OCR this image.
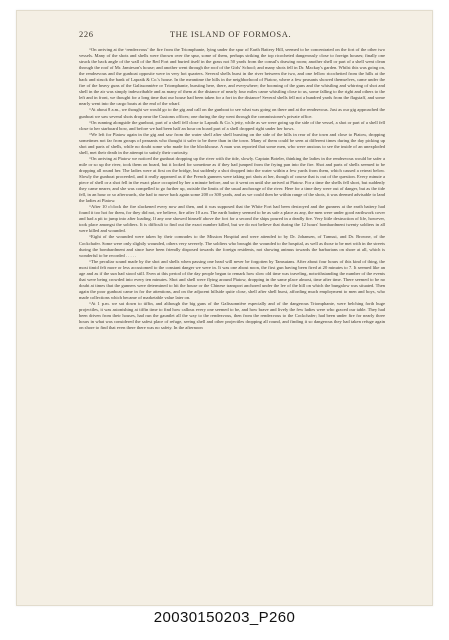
226	THE ISLAND OF FORMOSA.

“On arriving at the ‘rendezvous’ the fire from the Triomphante, lying under the spur of Earth Battery Hill, seemed to be concentrated on the fort of the other two vessels. Many of the shots and shells were thrown over the spur, some of them, perhaps striking the top ricocheted dangerously close to foreign houses; finally one struck the back angle of the wall of the Red Fort and buried itself in the grass not 50 yards from the consul's drawing room; another shell or part of a shell went clean through the roof of Mr. Jamieson's house; and another went through the roof of the Girls' School; and many shots fell in Dr. Mackay's garden. Whilst this was going on, the rendezvous and the gunboat opposite were in very hot quarters. Several shells burst in the river between the two, and one fellow ricochetted from the hills at the back and struck the bank of Lapraik & Co.'s house. In the meantime the hills in the neighborhood of Pìatow, where a few peasants showed themselves, came under the fire of the heavy guns of the Galissonnière or Triomphante, bursting here, there, and everywhere; the booming of the guns and the whistling and whirring of shot and shell in the air was simply indescribable and as many of them at the distance of nearly four miles came whistling close to us, some falling to the right and others to the left and in front, we thought for a long time that our house had been taken for a fort in the distance! Several shells fell not a hundred yards from the flagstaff, and some nearly went into the cargo boats at the end of the wharf.

“At about 8 a.m., we thought we would go to the gig and call on the gunboat to see what was going on there and at the rendezvous. Just as our gig approached the gunboat we saw several shots drop near the Customs offices; one during the day went through the commissioner's private office.

“On running alongside the gunboat, part of a shell fell close to Lapraik & Co.'s jetty, while as we were going up the side of the vessel, a shot or part of a shell fell close to her starboard bow, and before we had been half an hour on board part of a shell dropped right under her bows.

“We left for Pìatow again in the gig and saw from the water shell after shell bursting on the side of the hills in rear of the town and close to Pìatow, dropping sometimes not far from groups of peasants who thought it safer to be there than in the town. Many of them could be seen at different times during the day picking up shot and parts of shells, while no doubt some who made for the blockhouse. A man was reported that some men, who were anxious to see the inside of an unexploded shell, met their death in the attempt to satisfy their curiosity.

“On arriving at Pìatow we noticed the gunboat dropping up the river with the tide, slowly. Captain Boteler, thinking the ladies in the rendezvous would be safer a mile or so up the river, took them on board, but it looked for sometime as if they had jumped from the frying pan into the fire. Shot and parts of shells seemed to be dropping all round her. The ladies were at first on the bridge, but suddenly a shot dropped into the water within a few yards from them, which caused a retreat below. Slowly the gunboat proceeded, and it really appeared as if the French gunners were taking pot shots at her, though of course that is out of the question. Every minute a piece of shell or a shot fell in the exact place occupied by her a minute before, and so it went on until she arrived at Pìatow. For a time the shells fell short, but suddenly they came nearer, and she was compelled to go further up, outside the limits of the usual anchorage of the river. Here for a time they were out of danger, but as the tide fell, in an hour or so afterwards, she had to move back again some 200 or 300 yards, and as we could then be within range of the shots, it was deemed advisable to land the ladies at Pìatow.

“After 10 o'clock the fire slackened every now and then, and it was supposed that the White Fort had been destroyed and the gunners at the earth battery had found it too hot for them, for they did not, we believe, fire after 10 a.m. The earth battery seemed to be as safe a place as any, the men were under good earthwork cover and had a pit to jump into after loading. If any one showed himself above the fort for a second the ships poured in a deadly fire. Very little destruction of life, however, took place amongst the soldiers. It is difficult to find out the exact number killed, but we do not believe that during the 12 hours' bombardment twenty soldiers in all were killed and wounded.

“Eight of the wounded were taken by their comrades to the Mission Hospital and were attended to by Dr. Johansen, of Tamsui, and Dr. Browne, of the Cockchafer. Some were only slightly wounded, others very severely. The soldiers who brought the wounded to the hospital, as well as those to be met with in the streets during the bombardment and since have been friendly disposed towards the foreign residents, not showing animus towards the barbarians on shore at all, which is wonderful to be recorded . . . . .

“The peculiar sound made by the shot and shells when passing one head will never be forgotten by Tamsuians. After about four hours of this kind of thing, the most timid felt more or less accustomed to the constant danger we were in. It was one about noon, the first gun having been fired at 20 minutes to 7. It seemed like an age and as if the sun had stood still. Even at this period of the day people began to remark how slow old time was traveling, notwithstanding the number of the events that were being crowded into every ten minutes. Shot and shell were flying around Pìatow, dropping in the same place almost, time after time. There seemed to be no doubt at times that the gunners were determined to hit the house or the Chinese transport anchored under the lee of the hill on which the bungalow was situated. Then again the poor gunboat came in for the attentions, and on the adjacent hillside quite close, shell after shell burst, affording much employment to men and boys, who made collections which became of marketable value later on.

“At 1 p.m. we sat down to tiffin, and although the big guns of the Galissonnière especially and of the dangerous Triomphante, were belching forth huge projectiles, it was astonishing at tiffin time to find how callous every one seemed to be, and how brave and lively the few ladies were who graced our table. They had been driven from their houses, had run the gauntlet all the way to the rendezvous, then from the rendezvous to the Cockchafer; had been under fire for nearly three hours in what was considered the safest place of refuge, seeing shell and other projectiles dropping all round, and finding it so dangerous they had taken refuge again on shore to find that even there there was no safety. In the afternoon

20030150203_P260
